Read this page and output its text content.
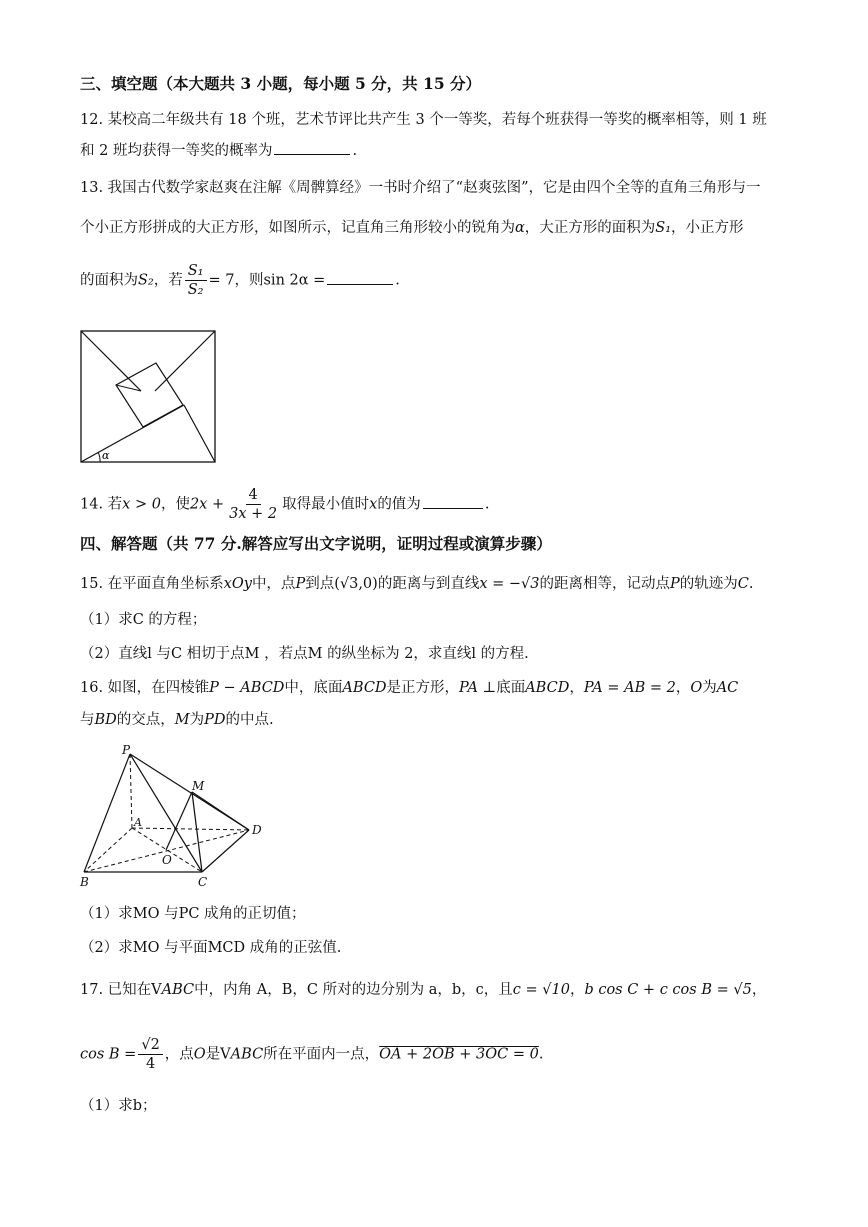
三、填空题（本大题共 3 小题，每小题 5 分，共 15 分）
12. 某校高二年级共有 18 个班，艺术节评比共产生 3 个一等奖，若每个班获得一等奖的概率相等，则 1 班
和 2 班均获得一等奖的概率为	.
13. 我国古代数学家赵爽在注解《周髀算经》一书时介绍了“赵爽弦图”，它是由四个全等的直角三角形与一
个小正方形拼成的大正方形，如图所示，记直角三角形较小的锐角为α，大正方形的面积为S₁，小正方形
的面积为S₂，若 $\frac{\text{S₁}}{\text{S₂}} = 7$，则sin 2α =	.
α
14. 若x > 0，使$2x + \frac{4}{3x + 2}$ 取得最小值时x的值为	.
四、解答题（共 77 分.解答应写出文字说明，证明过程或演算步骤）
15. 在平面直角坐标系xOy中，点P到点(√3,0)的距离与到直线x = −√3的距离相等，记动点P的轨迹为C.
（1）求C 的方程；
（2）直线l 与C 相切于点M ，若点M 的纵坐标为 2，求直线l 的方程.
16. 如图，在四棱锥P − ABCD中，底面ABCD是正方形，PA ⊥底面ABCD，PA = AB = 2，O为AC
与BD的交点，M为PD的中点.
P
M
A
D
O
B	C
（1）求MO 与PC 成角的正切值；
（2）求MO 与平面MCD 成角的正弦值.
17. 已知在VABC中，内角 A，B，C 所对的边分别为 a，b，c，且c = √10，b cos C + c cos B = √5，
$\cos B = \frac{√2}{4}$ ，点O是VABC所在平面内一点，OA + 2OB + 3OC = 0.
（1）求b；
